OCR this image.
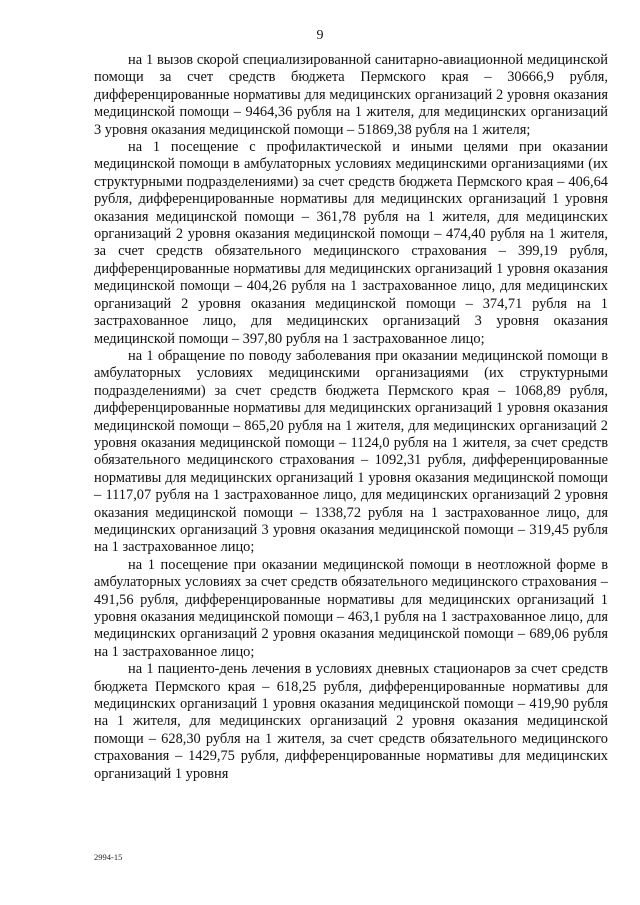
9

на 1 вызов скорой специализированной санитарно-авиационной медицинской помощи за счет средств бюджета Пермского края – 30666,9 рубля, дифференцированные нормативы для медицинских организаций 2 уровня оказания медицинской помощи – 9464,36 рубля на 1 жителя, для медицинских организаций 3 уровня оказания медицинской помощи – 51869,38 рубля на 1 жителя;

на 1 посещение с профилактической и иными целями при оказании медицинской помощи в амбулаторных условиях медицинскими организациями (их структурными подразделениями) за счет средств бюджета Пермского края – 406,64 рубля, дифференцированные нормативы для медицинских организаций 1 уровня оказания медицинской помощи – 361,78 рубля на 1 жителя, для медицинских организаций 2 уровня оказания медицинской помощи – 474,40 рубля на 1 жителя, за счет средств обязательного медицинского страхования – 399,19 рубля, дифференцированные нормативы для медицинских организаций 1 уровня оказания медицинской помощи – 404,26 рубля на 1 застрахованное лицо, для медицинских организаций 2 уровня оказания медицинской помощи – 374,71 рубля на 1 застрахованное лицо, для медицинских организаций 3 уровня оказания медицинской помощи – 397,80 рубля на 1 застрахованное лицо;

на 1 обращение по поводу заболевания при оказании медицинской помощи в амбулаторных условиях медицинскими организациями (их структурными подразделениями) за счет средств бюджета Пермского края – 1068,89 рубля, дифференцированные нормативы для медицинских организаций 1 уровня оказания медицинской помощи – 865,20 рубля на 1 жителя, для медицинских организаций 2 уровня оказания медицинской помощи – 1124,0 рубля на 1 жителя, за счет средств обязательного медицинского страхования – 1092,31 рубля, дифференцированные нормативы для медицинских организаций 1 уровня оказания медицинской помощи – 1117,07 рубля на 1 застрахованное лицо, для медицинских организаций 2 уровня оказания медицинской помощи – 1338,72 рубля на 1 застрахованное лицо, для медицинских организаций 3 уровня оказания медицинской помощи – 319,45 рубля на 1 застрахованное лицо;

на 1 посещение при оказании медицинской помощи в неотложной форме в амбулаторных условиях за счет средств обязательного медицинского страхования – 491,56 рубля, дифференцированные нормативы для медицинских организаций 1 уровня оказания медицинской помощи – 463,1 рубля на 1 застрахованное лицо, для медицинских организаций 2 уровня оказания медицинской помощи – 689,06 рубля на 1 застрахованное лицо;

на 1 пациенто-день лечения в условиях дневных стационаров за счет средств бюджета Пермского края – 618,25 рубля, дифференцированные нормативы для медицинских организаций 1 уровня оказания медицинской помощи – 419,90 рубля на 1 жителя, для медицинских организаций 2 уровня оказания медицинской помощи – 628,30 рубля на 1 жителя, за счет средств обязательного медицинского страхования – 1429,75 рубля, дифференцированные нормативы для медицинских организаций 1 уровня

2994-15
